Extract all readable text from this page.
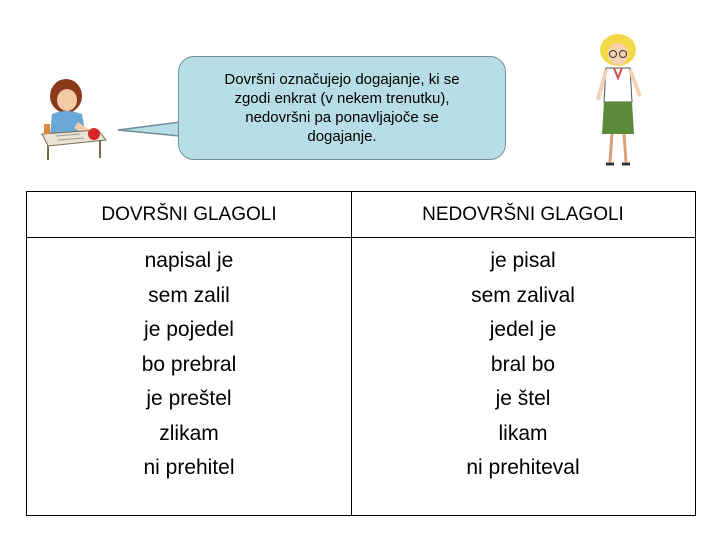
Dovršni označujejo dogajanje, ki se
zgodi enkrat (v nekem trenutku),
nedovršni pa ponavljajoče se
dogajanje.
DOVRŠNI GLAGOLI	NEDOVRŠNI GLAGOLI
napisal je
sem zalil
je pojedel
bo prebral
je preštel
zlikam
ni prehitel
je pisal
sem zalival
jedel je
bral bo
je štel
likam
ni prehiteval
